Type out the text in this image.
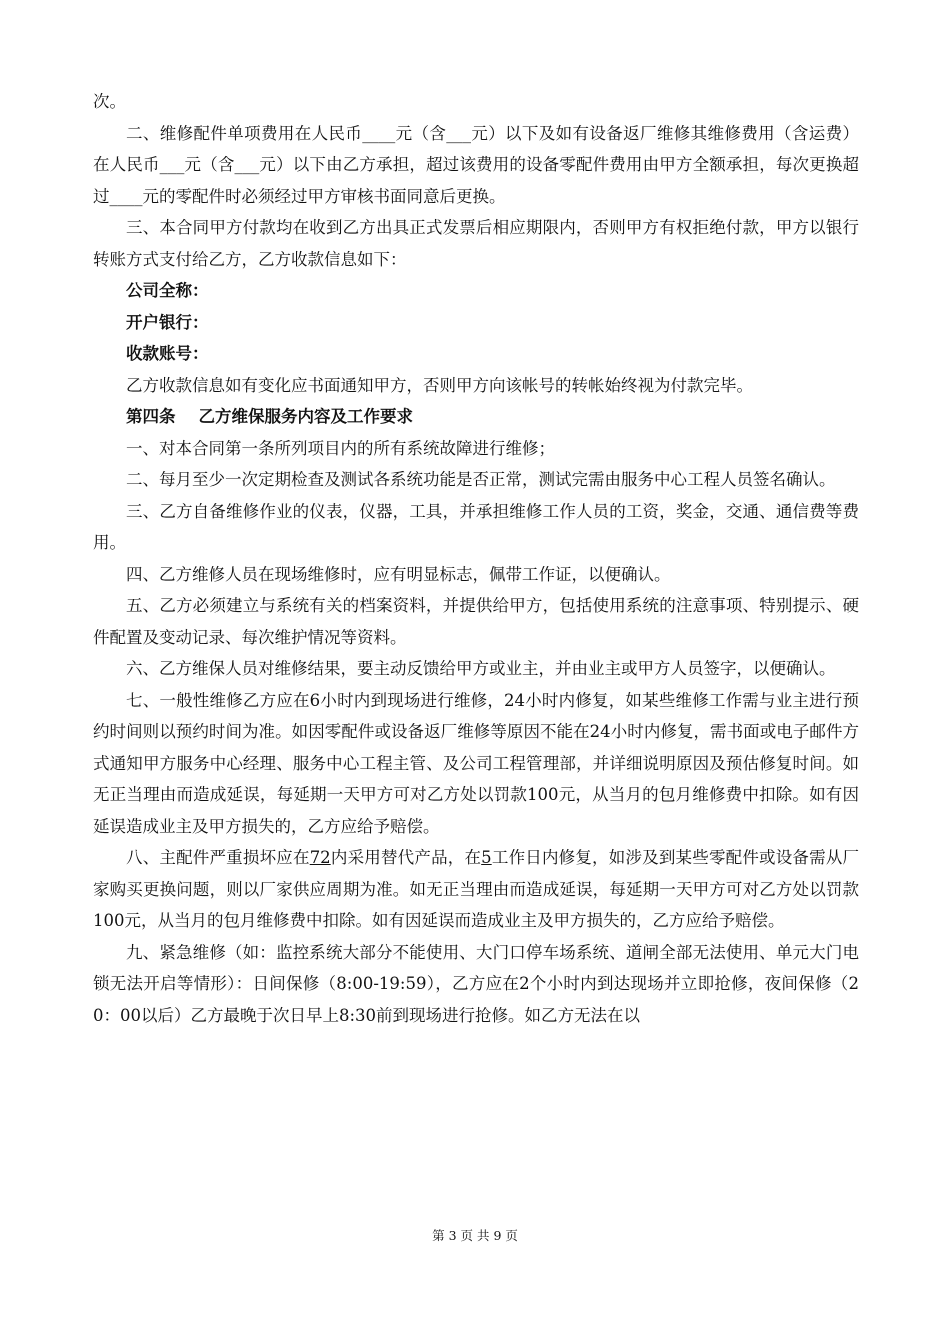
次。

二、维修配件单项费用在人民币____元（含___元）以下及如有设备返厂维修其维修费用（含运费）在人民币___元（含___元）以下由乙方承担，超过该费用的设备零配件费用由甲方全额承担，每次更换超过____元的零配件时必须经过甲方审核书面同意后更换。

三、本合同甲方付款均在收到乙方出具正式发票后相应期限内，否则甲方有权拒绝付款，甲方以银行转账方式支付给乙方，乙方收款信息如下：

公司全称：

开户银行：

收款账号：

乙方收款信息如有变化应书面通知甲方，否则甲方向该帐号的转帐始终视为付款完毕。

第四条    乙方维保服务内容及工作要求

一、对本合同第一条所列项目内的所有系统故障进行维修；

二、每月至少一次定期检查及测试各系统功能是否正常，测试完需由服务中心工程人员签名确认。

三、乙方自备维修作业的仪表，仪器，工具，并承担维修工作人员的工资，奖金，交通、通信费等费用。

四、乙方维修人员在现场维修时，应有明显标志，佩带工作证，以便确认。

五、乙方必须建立与系统有关的档案资料，并提供给甲方，包括使用系统的注意事项、特别提示、硬件配置及变动记录、每次维护情况等资料。

六、乙方维保人员对维修结果，要主动反馈给甲方或业主，并由业主或甲方人员签字，以便确认。

七、一般性维修乙方应在6小时内到现场进行维修，24小时内修复，如某些维修工作需与业主进行预约时间则以预约时间为准。如因零配件或设备返厂维修等原因不能在24小时内修复，需书面或电子邮件方式通知甲方服务中心经理、服务中心工程主管、及公司工程管理部，并详细说明原因及预估修复时间。如无正当理由而造成延误，每延期一天甲方可对乙方处以罚款100元，从当月的包月维修费中扣除。如有因延误造成业主及甲方损失的，乙方应给予赔偿。

八、主配件严重损坏应在72内采用替代产品，在5工作日内修复，如涉及到某些零配件或设备需从厂家购买更换问题，则以厂家供应周期为准。如无正当理由而造成延误，每延期一天甲方可对乙方处以罚款100元，从当月的包月维修费中扣除。如有因延误而造成业主及甲方损失的，乙方应给予赔偿。

九、紧急维修（如：监控系统大部分不能使用、大门口停车场系统、道闸全部无法使用、单元大门电锁无法开启等情形）：日间保修（8:00-19:59），乙方应在2个小时内到达现场并立即抢修，夜间保修（20：00以后）乙方最晚于次日早上8:30前到现场进行抢修。如乙方无法在以

第 3 页 共 9 页
